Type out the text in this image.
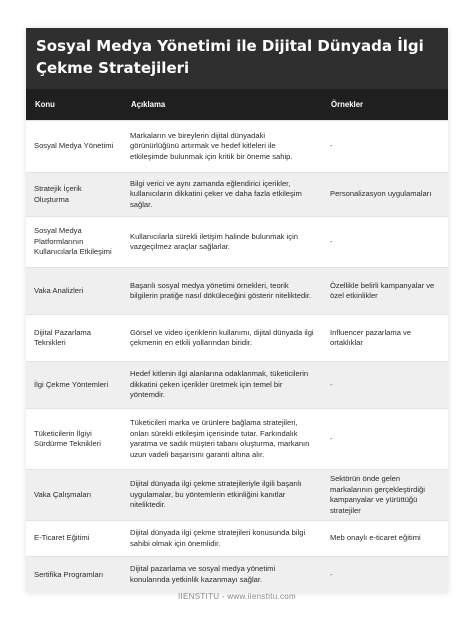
Sosyal Medya Yönetimi ile Dijital Dünyada İlgi Çekme Stratejileri
Konu	Açıklama	Örnekler
Sosyal Medya Yönetimi	Markaların ve bireylerin dijital dünyadaki görünürlüğünü artırmak ve hedef kitleleri ile etkileşimde bulunmak için kritik bir öneme sahip.	-
Stratejik İçerik Oluşturma	Bilgi verici ve aynı zamanda eğlendirici içerikler, kullanıcıların dikkatini çeker ve daha fazla etkileşim sağlar.	Personalizasyon uygulamaları
Sosyal Medya Platformlarının Kullanıcılarla Etkileşimi	Kullanıcılarla sürekli iletişim halinde bulunmak için vazgeçilmez araçlar sağlarlar.	-
Vaka Analizleri	Başarılı sosyal medya yönetimi örnekleri, teorik bilgilerin pratiğe nasıl döküleceğini gösterir niteliktedir.	Özellikle belirli kampanyalar ve özel etkinlikler
Dijital Pazarlama Teknikleri	Görsel ve video içeriklerin kullanımı, dijital dünyada ilgi çekmenin en etkili yollarından biridir.	Influencer pazarlama ve ortaklıklar
İlgi Çekme Yöntemleri	Hedef kitlenin ilgi alanlarına odaklanmak, tüketicilerin dikkatini çeken içerikler üretmek için temel bir yöntemdir.	-
Tüketicilerin İlgiyi Sürdürme Teknikleri	Tüketicileri marka ve ürünlere bağlama stratejileri, onları sürekli etkileşim içerisinde tutar. Farkındalık yaratma ve sadık müşteri tabanı oluşturma, markanın uzun vadeli başarısını garanti altına alır.	-
Vaka Çalışmaları	Dijital dünyada ilgi çekme stratejileriyle ilgili başarılı uygulamalar, bu yöntemlerin etkinliğini kanıtlar niteliktedir.	Sektörün önde gelen markalarının gerçekleştirdiği kampanyalar ve yürüttüğü stratejiler
E-Ticaret Eğitimi	Dijital dünyada ilgi çekme stratejileri konusunda bilgi sahibi olmak için önemlidir.	Meb onaylı e-ticaret eğitimi
Sertifika Programları	Dijital pazarlama ve sosyal medya yönetimi konularında yetkinlik kazanmayı sağlar.	-
IIENSTITU - www.iienstitu.com
